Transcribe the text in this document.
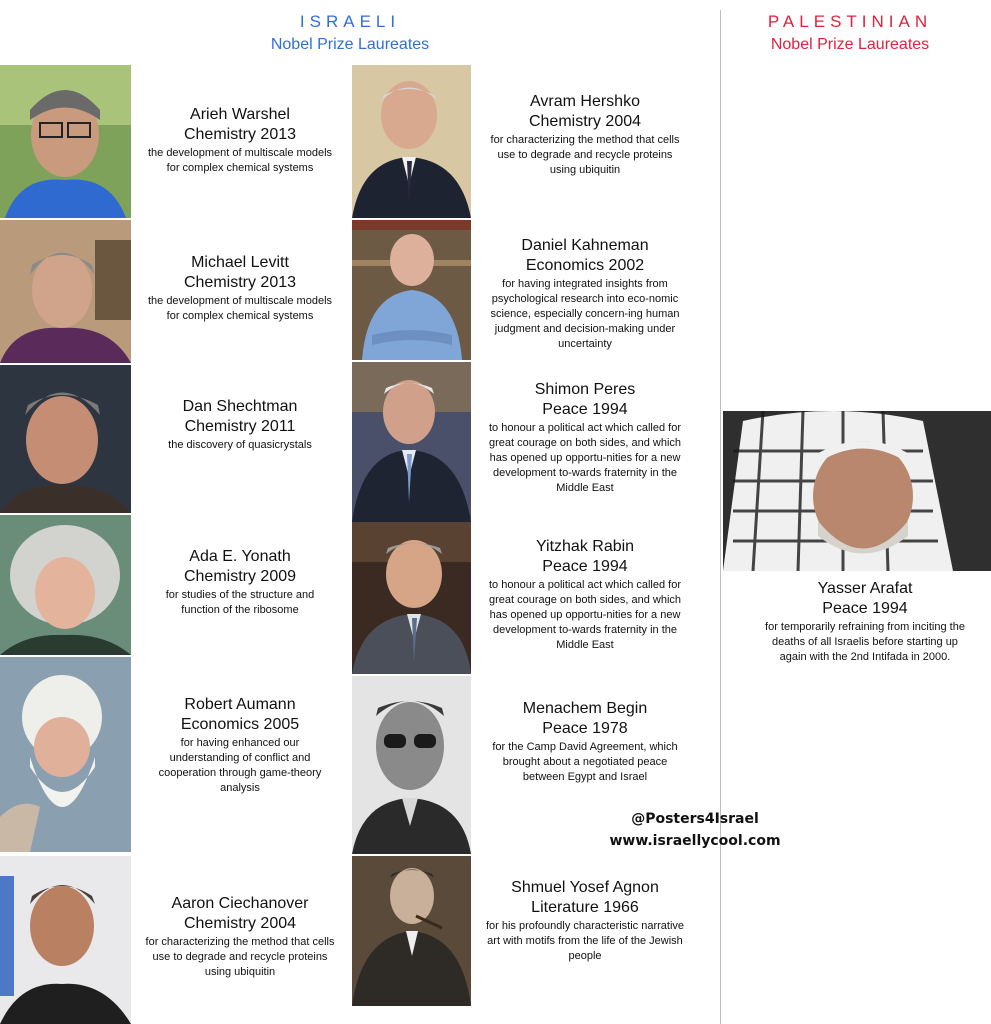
ISRAELI
Nobel Prize Laureates
PALESTINIAN
Nobel Prize Laureates
Arieh Warshel
Chemistry 2013
the development of multiscale models for complex chemical systems
Michael Levitt
Chemistry 2013
the development of multiscale models for complex chemical systems
Dan Shechtman
Chemistry 2011
the discovery of quasicrystals
Ada E. Yonath
Chemistry 2009
for studies of the structure and function of the ribosome
Robert Aumann
Economics 2005
for having enhanced our understanding of conflict and cooperation through game-theory analysis
Aaron Ciechanover
Chemistry 2004
for characterizing the method that cells use to degrade and recycle proteins using ubiquitin
Avram Hershko
Chemistry 2004
for characterizing the method that cells use to degrade and recycle proteins using ubiquitin
Daniel Kahneman
Economics 2002
for having integrated insights from psychological research into eco-nomic science, especially concern-ing human judgment and decision-making under uncertainty
Shimon Peres
Peace 1994
to honour a political act which called for great courage on both sides, and which has opened up opportu-nities for a new development to-wards fraternity in the Middle East
Yitzhak Rabin
Peace 1994
to honour a political act which called for great courage on both sides, and which has opened up opportu-nities for a new development to-wards fraternity in the Middle East
Menachem Begin
Peace 1978
for the Camp David Agreement, which brought about a negotiated peace between Egypt and Israel
Shmuel Yosef Agnon
Literature 1966
for his profoundly characteristic narrative art with motifs from the life of the Jewish people
Yasser Arafat
Peace 1994
for temporarily refraining from inciting the deaths of all Israelis before starting up again with the 2nd Intifada in 2000.
@Posters4Israel
www.israellycool.com
